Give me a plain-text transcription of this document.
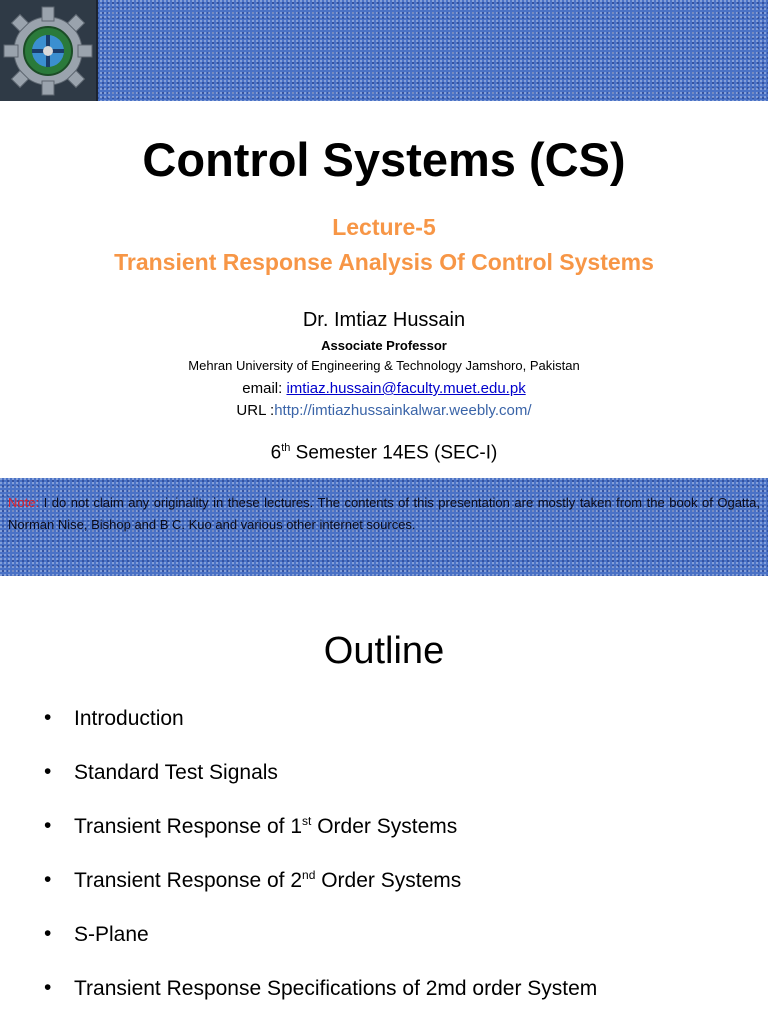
Control Systems (CS)
Lecture-5
Transient Response Analysis Of Control Systems
Dr. Imtiaz Hussain
Associate Professor
Mehran University of Engineering & Technology Jamshoro, Pakistan
email: imtiaz.hussain@faculty.muet.edu.pk
URL :http://imtiazhussainkalwar.weebly.com/
6th Semester 14ES (SEC-I)

Note: I do not claim any originality in these lectures. The contents of this presentation are mostly taken from the book of Ogatta, Norman Nise, Bishop and B C. Kuo and various other internet sources.

Outline
•	Introduction
•	Standard Test Signals
•	Transient Response of 1st Order Systems
•	Transient Response of 2nd Order Systems
•	S-Plane
•	Transient Response Specifications of 2md order System
